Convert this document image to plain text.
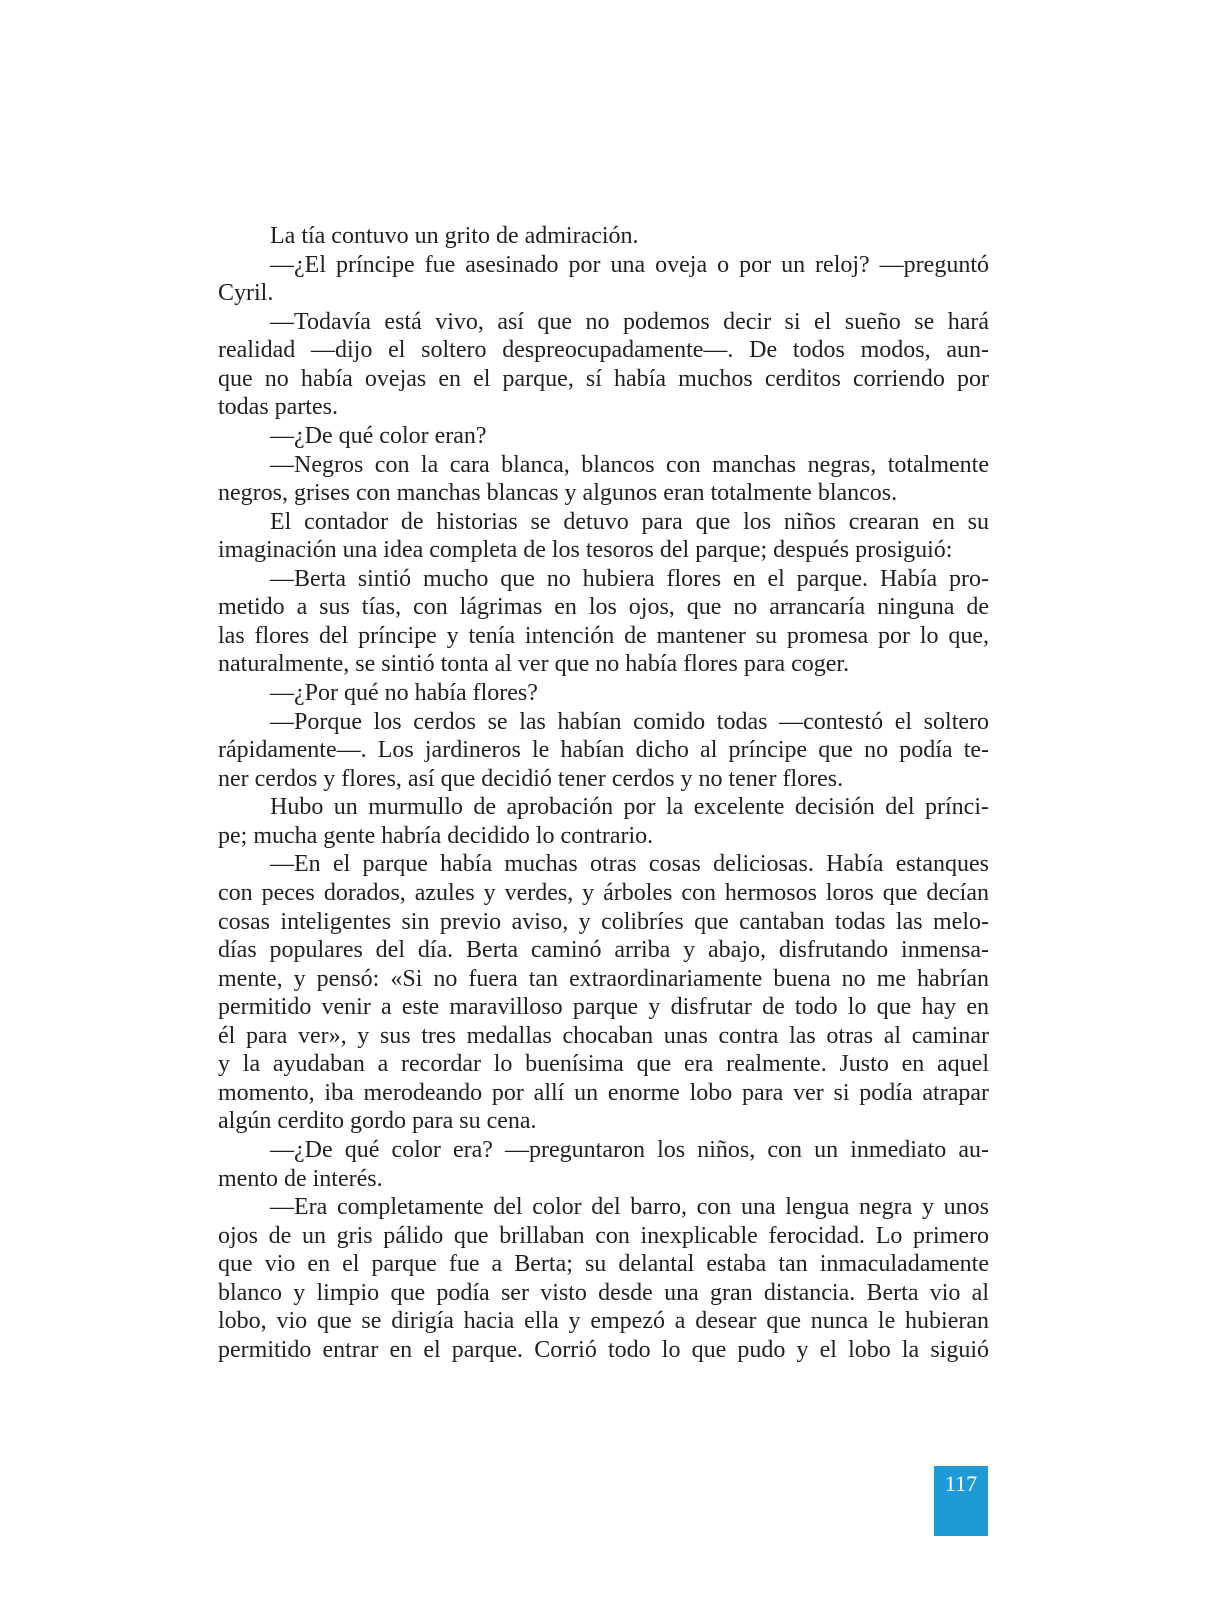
La tía contuvo un grito de admiración.
—¿El príncipe fue asesinado por una oveja o por un reloj? —preguntó
Cyril.
—Todavía está vivo, así que no podemos decir si el sueño se hará
realidad —dijo el soltero despreocupadamente—. De todos modos, aun-
que no había ovejas en el parque, sí había muchos cerditos corriendo por
todas partes.
—¿De qué color eran?
—Negros con la cara blanca, blancos con manchas negras, totalmente
negros, grises con manchas blancas y algunos eran totalmente blancos.
El contador de historias se detuvo para que los niños crearan en su
imaginación una idea completa de los tesoros del parque; después prosiguió:
—Berta sintió mucho que no hubiera flores en el parque. Había pro-
metido a sus tías, con lágrimas en los ojos, que no arrancaría ninguna de
las flores del príncipe y tenía intención de mantener su promesa por lo que,
naturalmente, se sintió tonta al ver que no había flores para coger.
—¿Por qué no había flores?
—Porque los cerdos se las habían comido todas —contestó el soltero
rápidamente—. Los jardineros le habían dicho al príncipe que no podía te-
ner cerdos y flores, así que decidió tener cerdos y no tener flores.
Hubo un murmullo de aprobación por la excelente decisión del prínci-
pe; mucha gente habría decidido lo contrario.
—En el parque había muchas otras cosas deliciosas. Había estanques
con peces dorados, azules y verdes, y árboles con hermosos loros que decían
cosas inteligentes sin previo aviso, y colibríes que cantaban todas las melo-
días populares del día. Berta caminó arriba y abajo, disfrutando inmensa-
mente, y pensó: «Si no fuera tan extraordinariamente buena no me habrían
permitido venir a este maravilloso parque y disfrutar de todo lo que hay en
él para ver», y sus tres medallas chocaban unas contra las otras al caminar
y la ayudaban a recordar lo buenísima que era realmente. Justo en aquel
momento, iba merodeando por allí un enorme lobo para ver si podía atrapar
algún cerdito gordo para su cena.
—¿De qué color era? —preguntaron los niños, con un inmediato au-
mento de interés.
—Era completamente del color del barro, con una lengua negra y unos
ojos de un gris pálido que brillaban con inexplicable ferocidad. Lo primero
que vio en el parque fue a Berta; su delantal estaba tan inmaculadamente
blanco y limpio que podía ser visto desde una gran distancia. Berta vio al
lobo, vio que se dirigía hacia ella y empezó a desear que nunca le hubieran
permitido entrar en el parque. Corrió todo lo que pudo y el lobo la siguió
117
